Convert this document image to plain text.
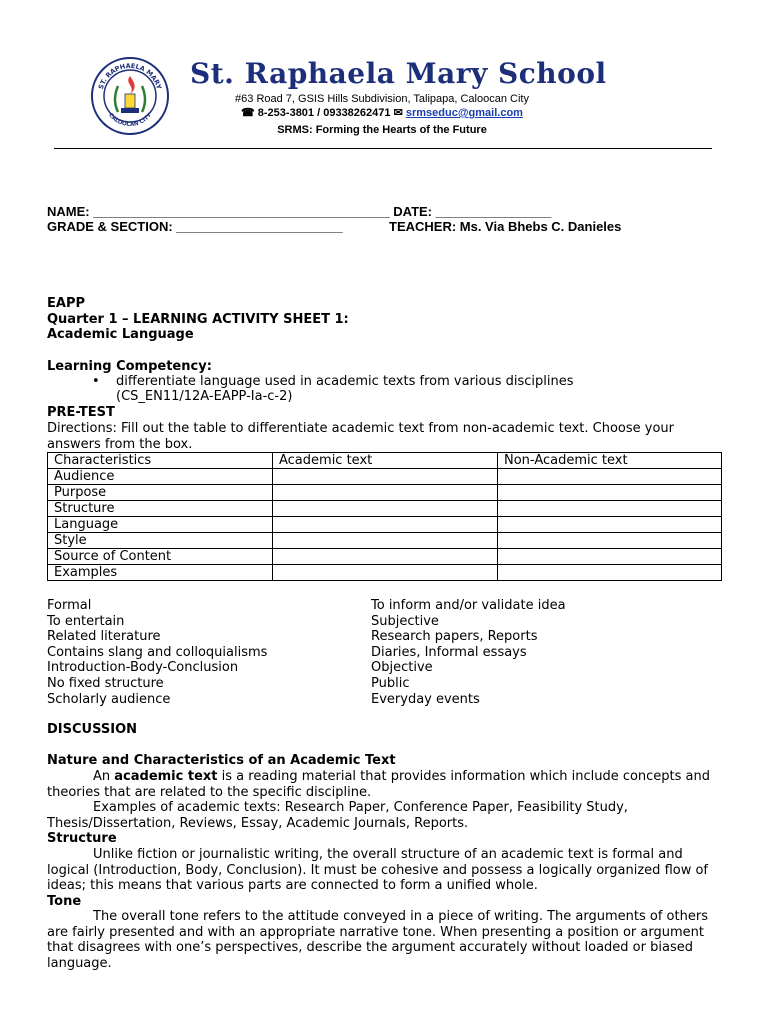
ST. RAPHAELA MARY
CALOOCAN CITY
St. Raphaela Mary School
#63 Road 7, GSIS Hills Subdivision, Talipapa, Caloocan City
☎ 8-253-3801 / 09338262471 ✉ srmseduc@gmail.com
SRMS: Forming the Hearts of the Future
NAME: _________________________________________ DATE: ________________
GRADE & SECTION: _______________________	TEACHER: Ms. Via Bhebs C. Danieles
EAPP
Quarter 1 – LEARNING ACTIVITY SHEET 1:
Academic Language
Learning Competency:
• differentiate language used in academic texts from various disciplines
(CS_EN11/12A-EAPP-Ia-c-2)
PRE-TEST
Directions: Fill out the table to differentiate academic text from non-academic text. Choose your answers from the box.
Characteristics	Academic text	Non-Academic text
Audience		
Purpose		
Structure		
Language		
Style		
Source of Content		
Examples		
Formal
To entertain
Related literature
Contains slang and colloquialisms
Introduction-Body-Conclusion
No fixed structure
Scholarly audience
To inform and/or validate idea
Subjective
Research papers, Reports
Diaries, Informal essays
Objective
Public
Everyday events
DISCUSSION
Nature and Characteristics of an Academic Text
An academic text is a reading material that provides information which include concepts and theories that are related to the specific discipline.
Examples of academic texts: Research Paper, Conference Paper, Feasibility Study, Thesis/Dissertation, Reviews, Essay, Academic Journals, Reports.
Structure
Unlike fiction or journalistic writing, the overall structure of an academic text is formal and logical (Introduction, Body, Conclusion). It must be cohesive and possess a logically organized flow of ideas; this means that various parts are connected to form a unified whole.
Tone
The overall tone refers to the attitude conveyed in a piece of writing. The arguments of others are fairly presented and with an appropriate narrative tone. When presenting a position or argument that disagrees with one’s perspectives, describe the argument accurately without loaded or biased language.
